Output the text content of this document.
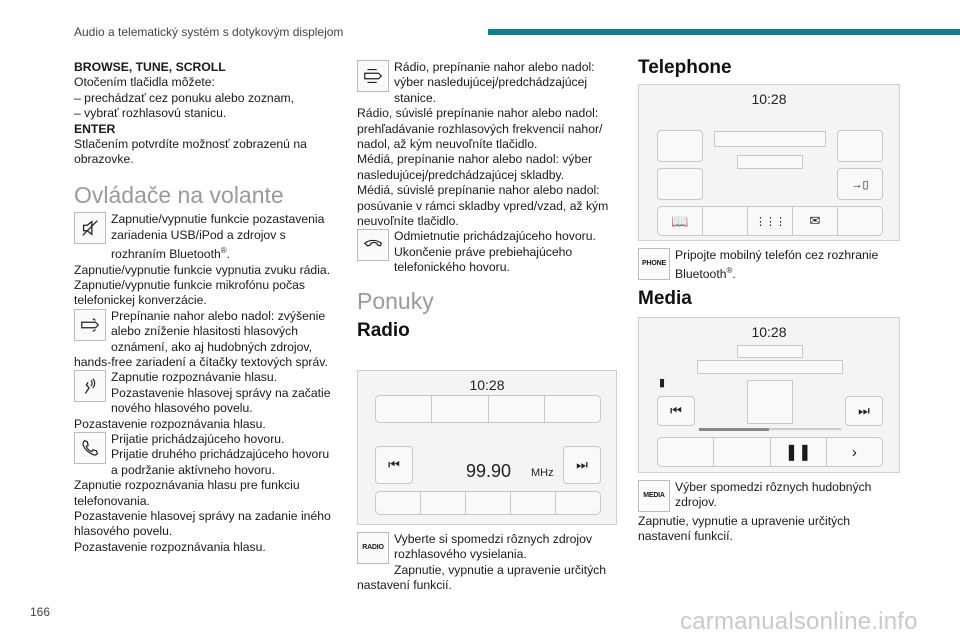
Audio a telematický systém s dotykovým displejom

BROWSE, TUNE, SCROLL

Otočením tlačidla môžete:

– prechádzať cez ponuku alebo zoznam,

– vybrať rozhlasovú stanicu.

ENTER

Stlačením potvrdíte možnosť zobrazenú na obrazovke.

Ovládače na volante

Zapnutie/vypnutie funkcie pozastavenia zariadenia USB/iPod a zdrojov s rozhraním Bluetooth®.

Zapnutie/vypnutie funkcie vypnutia zvuku rádia.

Zapnutie/vypnutie funkcie mikrofónu počas telefonickej konverzácie.

Prepínanie nahor alebo nadol: zvýšenie alebo zníženie hlasitosti hlasových oznámení, ako aj hudobných zdrojov, hands-free zariadení a čítačky textových správ.

Zapnutie rozpoznávanie hlasu.

Pozastavenie hlasovej správy na začatie nového hlasového povelu.

Pozastavenie rozpoznávania hlasu.

Prijatie prichádzajúceho hovoru.

Prijatie druhého prichádzajúceho hovoru a podržanie aktívneho hovoru.

Zapnutie rozpoznávania hlasu pre funkciu telefonovania.

Pozastavenie hlasovej správy na zadanie iného hlasového povelu.

Pozastavenie rozpoznávania hlasu.

Rádio, prepínanie nahor alebo nadol: výber nasledujúcej/predchádzajúcej stanice.

Rádio, súvislé prepínanie nahor alebo nadol: prehľadávanie rozhlasových frekvencií nahor/ nadol, až kým neuvoľníte tlačidlo.

Médiá, prepínanie nahor alebo nadol: výber nasledujúcej/predchádzajúcej skladby.

Médiá, súvislé prepínanie nahor alebo nadol: posúvanie v rámci skladby vpred/vzad, až kým neuvoľníte tlačidlo.

Odmietnutie prichádzajúceho hovoru.

Ukončenie práve prebiehajúceho telefonického hovoru.

Ponuky

Radio

10:28
⏮	⏭
99.90 MHz
RADIO

Vyberte si spomedzi rôznych zdrojov rozhlasového vysielania.

Zapnutie, vypnutie a upravenie určitých nastavení funkcií.

Telephone
10:28
→▯
📖	⋮⋮⋮	✉
PHONE

Pripojte mobilný telefón cez rozhranie Bluetooth®.

Media
10:28
▮
⏮	⏭
❚❚	›
MEDIA

Výber spomedzi rôznych hudobných zdrojov.

Zapnutie, vypnutie a upravenie určitých nastavení funkcií.

166	carmanualsonline.info
